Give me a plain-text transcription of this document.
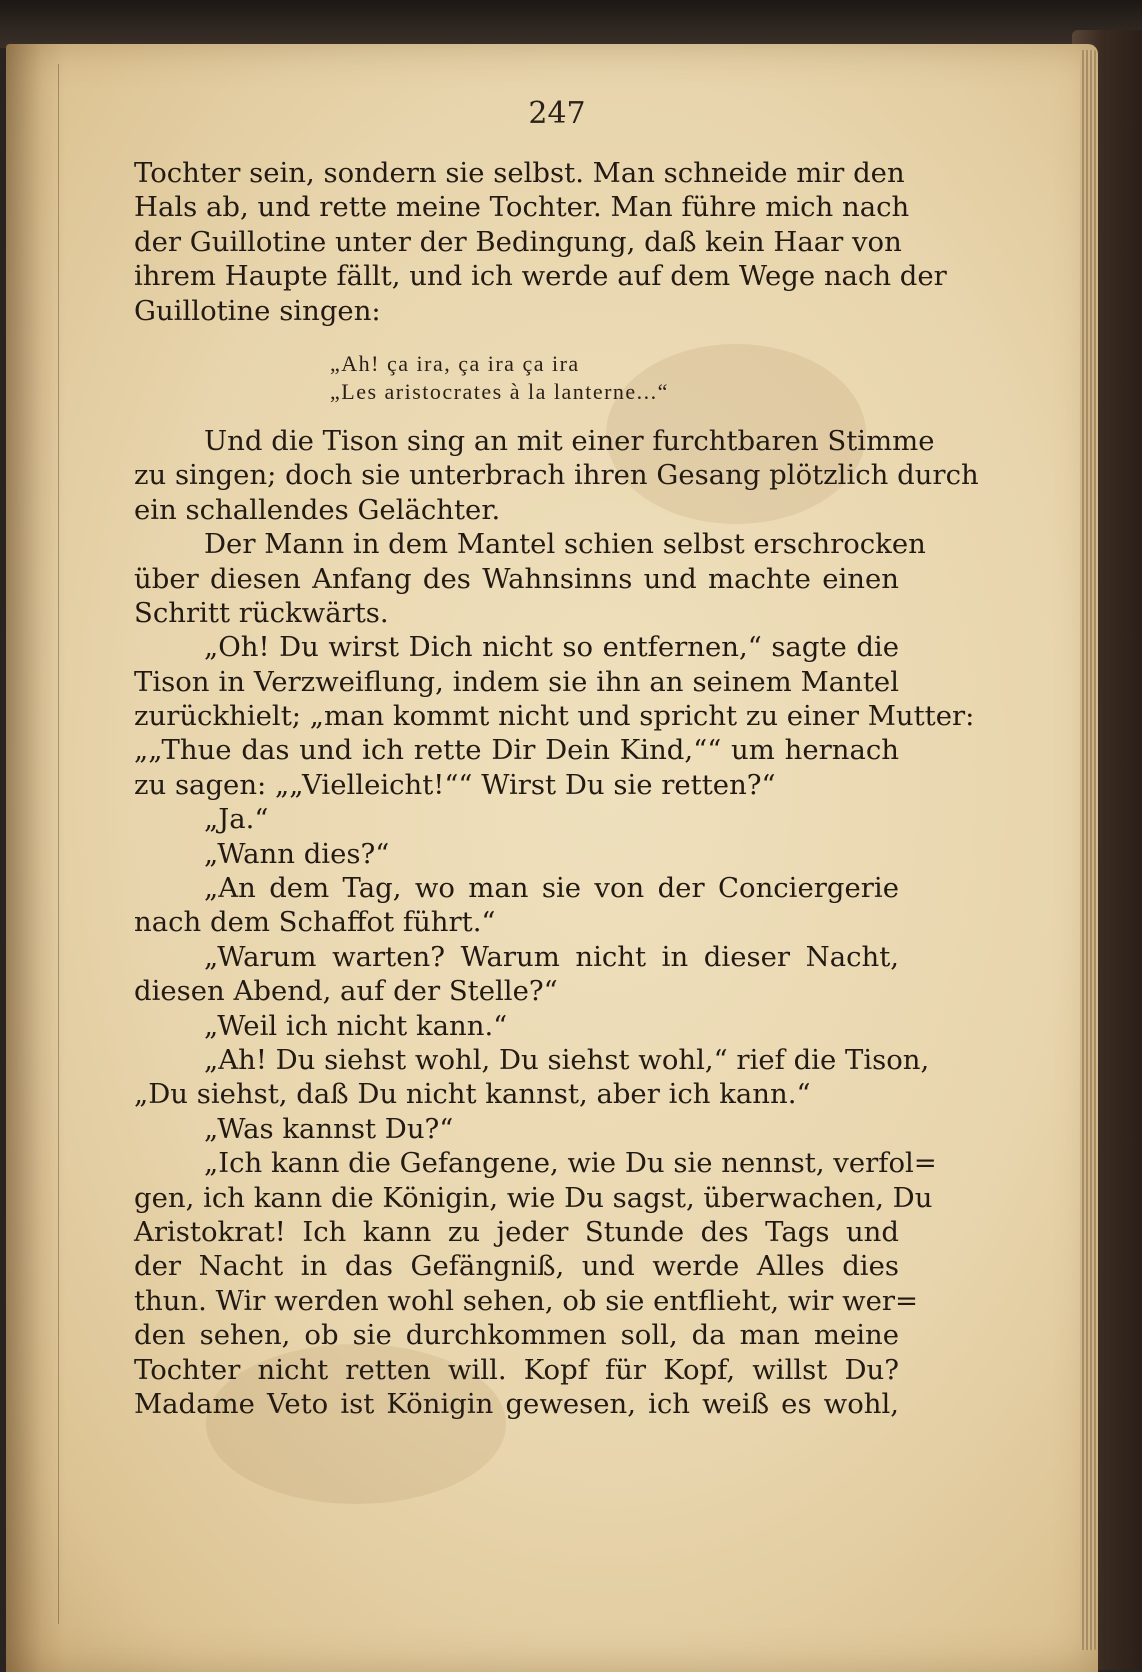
247
Tochter sein, sondern sie selbst. Man schneide mir den
Hals ab, und rette meine Tochter. Man führe mich nach
der Guillotine unter der Bedingung, daß kein Haar von
ihrem Haupte fällt, und ich werde auf dem Wege nach der
Guillotine singen:
„Ah! ça ira, ça ira ça ira
„Les aristocrates à la lanterne...“
Und die Tison sing an mit einer furchtbaren Stimme
zu singen; doch sie unterbrach ihren Gesang plötzlich durch
ein schallendes Gelächter.
Der Mann in dem Mantel schien selbst erschrocken
über diesen Anfang des Wahnsinns und machte einen
Schritt rückwärts.
„Oh! Du wirst Dich nicht so entfernen,“ sagte die
Tison in Verzweiflung, indem sie ihn an seinem Mantel
zurückhielt; „man kommt nicht und spricht zu einer Mutter:
„„Thue das und ich rette Dir Dein Kind,““ um hernach
zu sagen: „„Vielleicht!““ Wirst Du sie retten?“
„Ja.“
„Wann dies?“
„An dem Tag, wo man sie von der Conciergerie
nach dem Schaffot führt.“
„Warum warten? Warum nicht in dieser Nacht,
diesen Abend, auf der Stelle?“
„Weil ich nicht kann.“
„Ah! Du siehst wohl, Du siehst wohl,“ rief die Tison,
„Du siehst, daß Du nicht kannst, aber ich kann.“
„Was kannst Du?“
„Ich kann die Gefangene, wie Du sie nennst, verfol=
gen, ich kann die Königin, wie Du sagst, überwachen, Du
Aristokrat! Ich kann zu jeder Stunde des Tags und
der Nacht in das Gefängniß, und werde Alles dies
thun. Wir werden wohl sehen, ob sie entflieht, wir wer=
den sehen, ob sie durchkommen soll, da man meine
Tochter nicht retten will. Kopf für Kopf, willst Du?
Madame Veto ist Königin gewesen, ich weiß es wohl,
